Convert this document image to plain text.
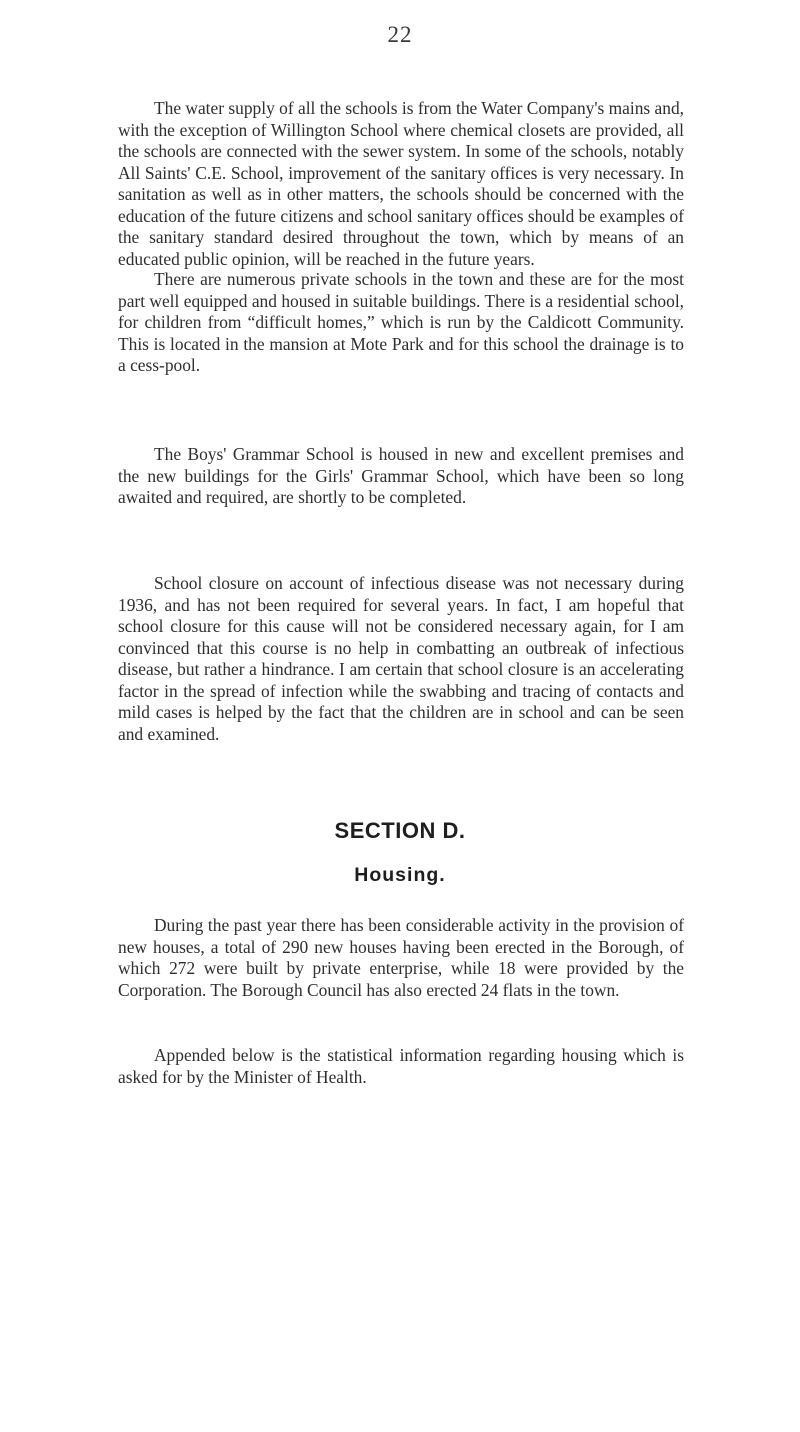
22

The water supply of all the schools is from the Water Company's mains and, with the exception of Willington School where chemical closets are provided, all the schools are connected with the sewer system. In some of the schools, notably All Saints' C.E. School, improvement of the sanitary offices is very necessary. In sanitation as well as in other matters, the schools should be concerned with the education of the future citizens and school sanitary offices should be examples of the sanitary standard desired throughout the town, which by means of an educated public opinion, will be reached in the future years.

There are numerous private schools in the town and these are for the most part well equipped and housed in suitable buildings. There is a residential school, for children from “difficult homes,” which is run by the Caldicott Community. This is located in the mansion at Mote Park and for this school the drainage is to a cess-pool.

The Boys' Grammar School is housed in new and excellent premises and the new buildings for the Girls' Grammar School, which have been so long awaited and required, are shortly to be completed.

School closure on account of infectious disease was not necessary during 1936, and has not been required for several years. In fact, I am hopeful that school closure for this cause will not be considered necessary again, for I am convinced that this course is no help in combatting an outbreak of infectious disease, but rather a hindrance. I am certain that school closure is an accelerating factor in the spread of infection while the swabbing and tracing of contacts and mild cases is helped by the fact that the children are in school and can be seen and examined.

SECTION D.
Housing.

During the past year there has been considerable activity in the provision of new houses, a total of 290 new houses having been erected in the Borough, of which 272 were built by private enterprise, while 18 were provided by the Corporation. The Borough Council has also erected 24 flats in the town.

Appended below is the statistical information regarding housing which is asked for by the Minister of Health.
